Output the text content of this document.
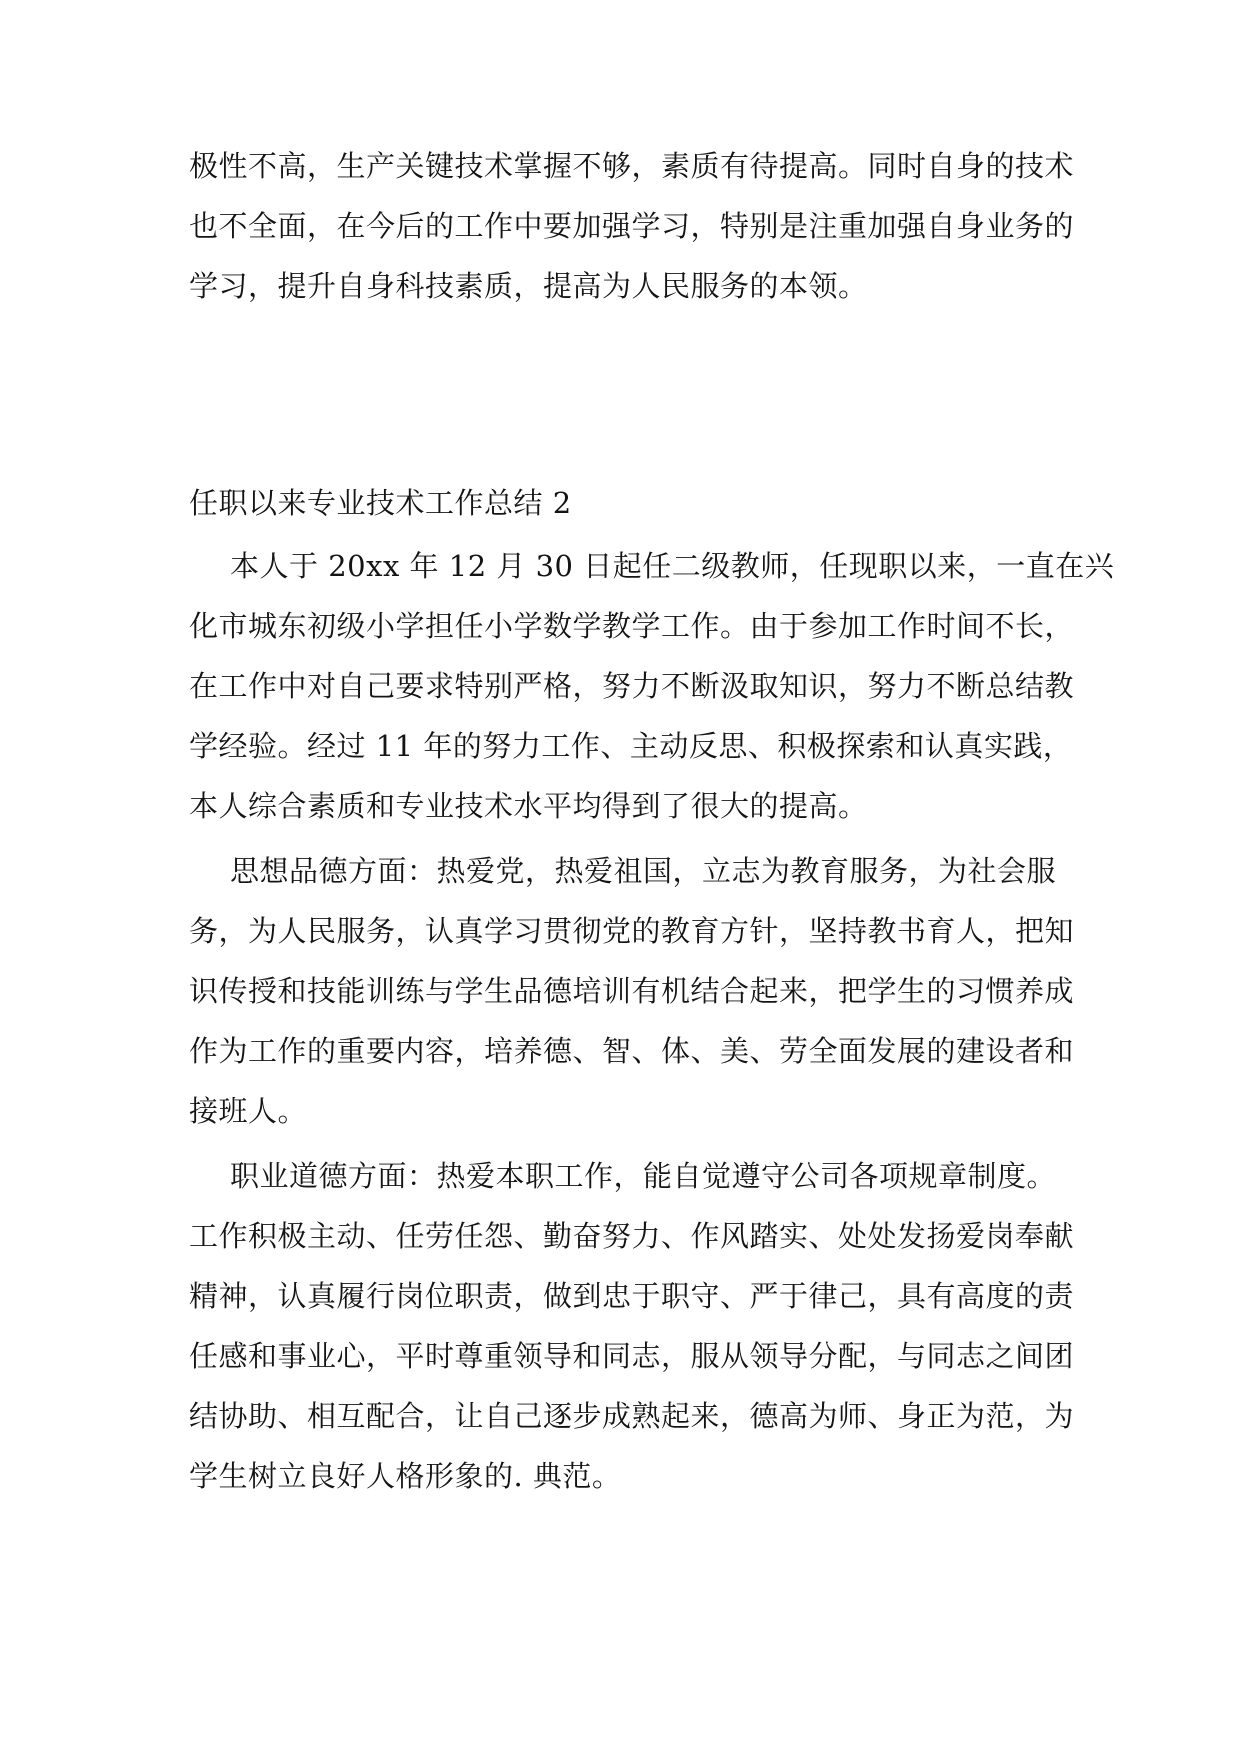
极性不高，生产关键技术掌握不够，素质有待提高。同时自身的技术
也不全面，在今后的工作中要加强学习，特别是注重加强自身业务的
学习，提升自身科技素质，提高为人民服务的本领。
任职以来专业技术工作总结 2
本人于 20xx 年 12 月 30 日起任二级教师，任现职以来，一直在兴
化市城东初级小学担任小学数学教学工作。由于参加工作时间不长，
在工作中对自己要求特别严格，努力不断汲取知识，努力不断总结教
学经验。经过 11 年的努力工作、主动反思、积极探索和认真实践，
本人综合素质和专业技术水平均得到了很大的提高。
思想品德方面：热爱党，热爱祖国，立志为教育服务，为社会服
务，为人民服务，认真学习贯彻党的教育方针，坚持教书育人，把知
识传授和技能训练与学生品德培训有机结合起来，把学生的习惯养成
作为工作的重要内容，培养德、智、体、美、劳全面发展的建设者和
接班人。
职业道德方面：热爱本职工作，能自觉遵守公司各项规章制度。
工作积极主动、任劳任怨、勤奋努力、作风踏实、处处发扬爱岗奉献
精神，认真履行岗位职责，做到忠于职守、严于律己，具有高度的责
任感和事业心，平时尊重领导和同志，服从领导分配，与同志之间团
结协助、相互配合，让自己逐步成熟起来，德高为师、身正为范，为
学生树立良好人格形象的. 典范。
